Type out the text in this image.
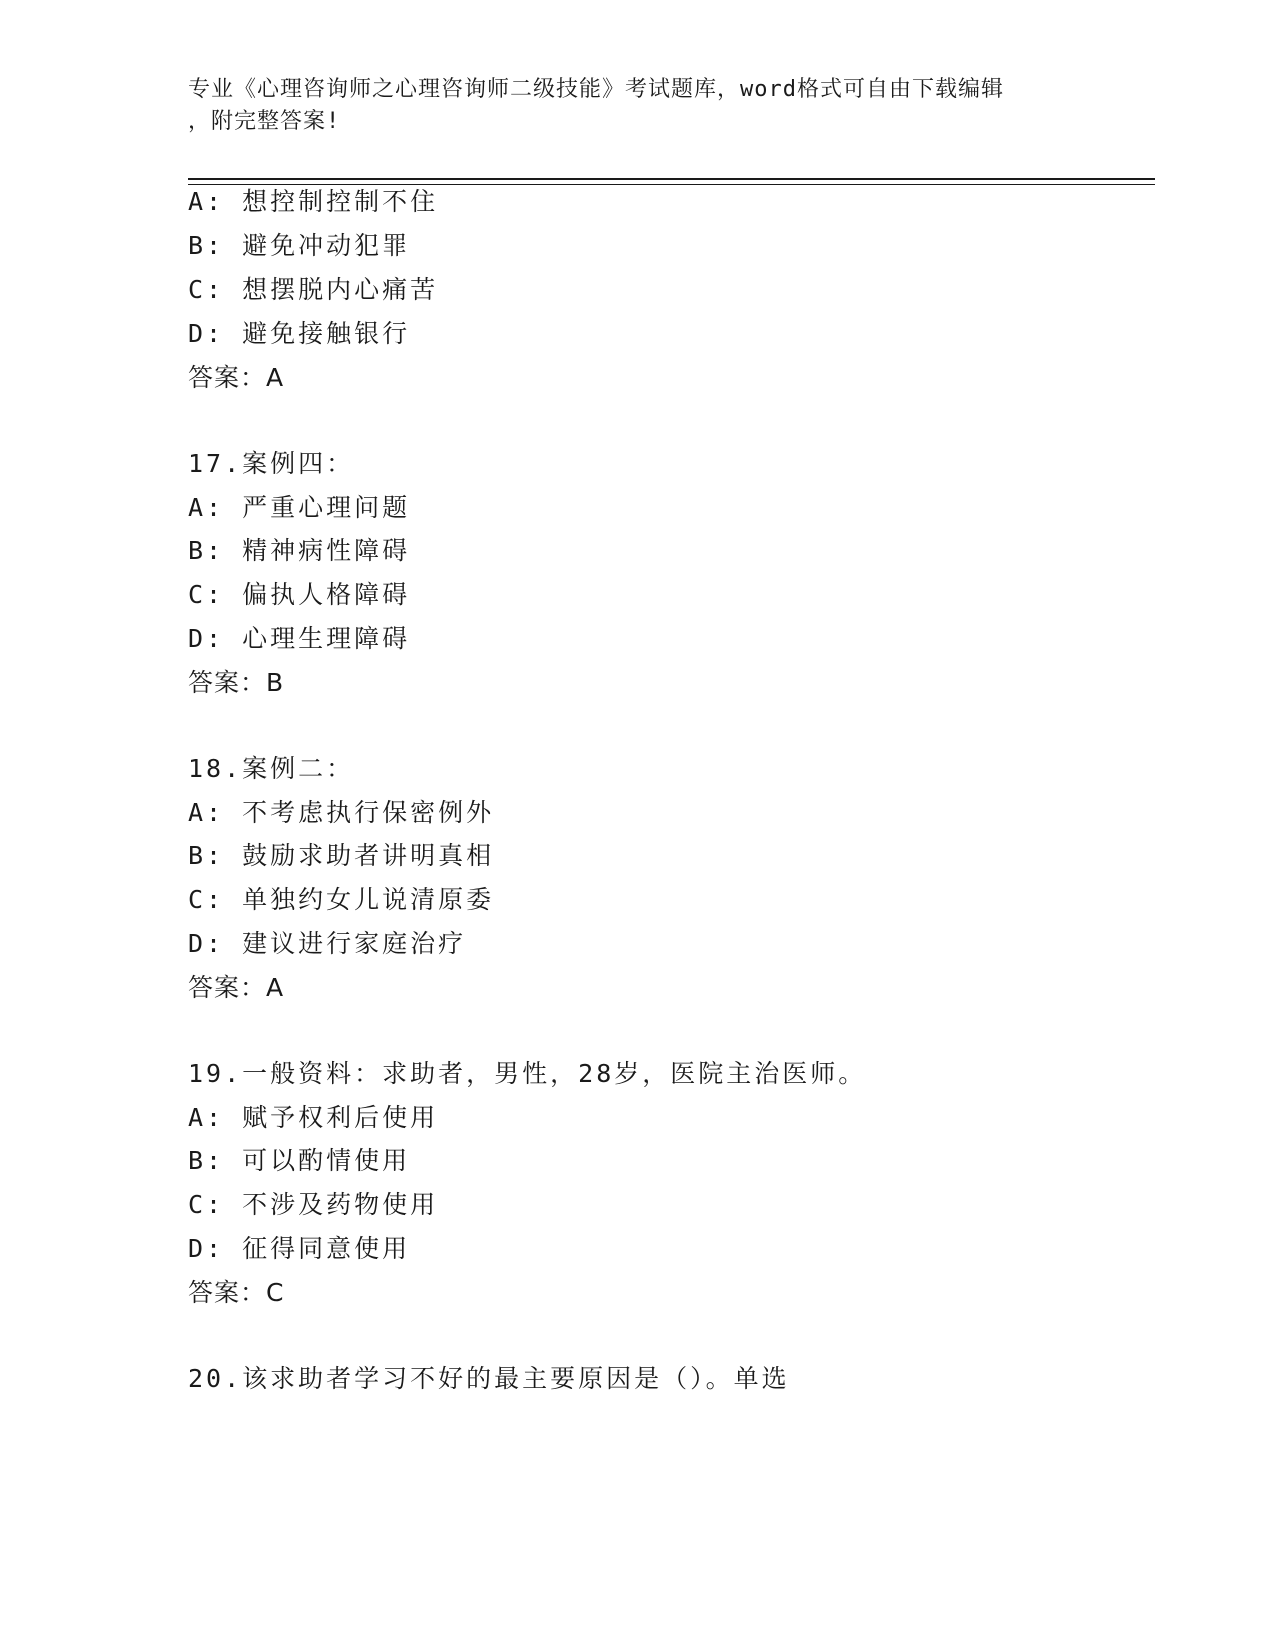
专业《心理咨询师之心理咨询师二级技能》考试题库，word格式可自由下载编辑
，附完整答案!
A: 想控制控制不住
B: 避免冲动犯罪
C: 想摆脱内心痛苦
D: 避免接触银行
答案：A
17.案例四：
A: 严重心理问题
B: 精神病性障碍
C: 偏执人格障碍
D: 心理生理障碍
答案：B
18.案例二：
A: 不考虑执行保密例外
B: 鼓励求助者讲明真相
C: 单独约女儿说清原委
D: 建议进行家庭治疗
答案：A
19.一般资料：求助者，男性，28岁，医院主治医师。
A: 赋予权利后使用
B: 可以酌情使用
C: 不涉及药物使用
D: 征得同意使用
答案：C
20.该求助者学习不好的最主要原因是（）。单选
